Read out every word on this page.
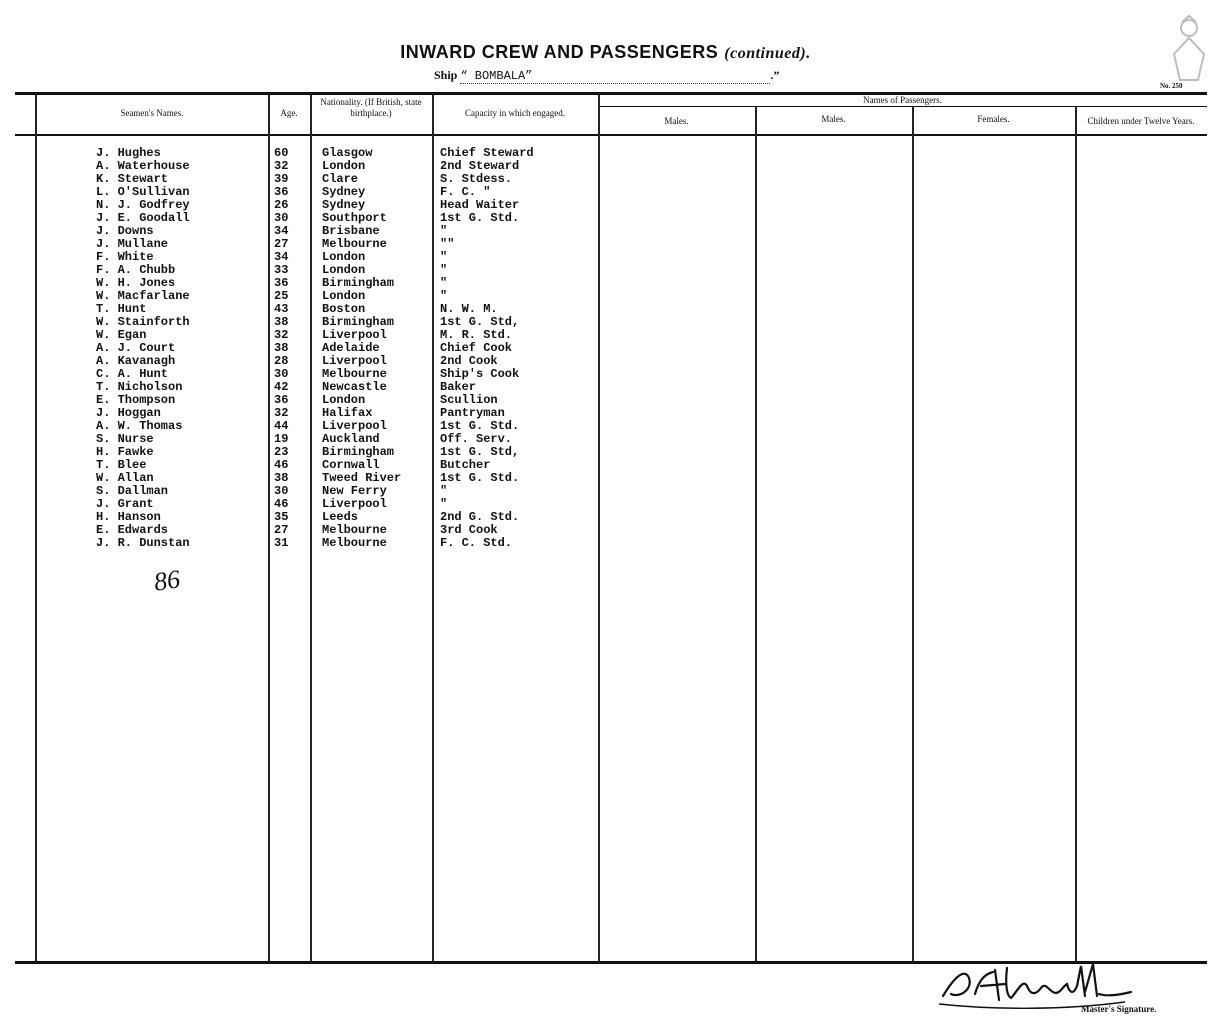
INWARD CREW AND PASSENGERS (continued).
Ship “ BOMBALA”	.”
No. 250
Seamen's Names.	Age.
Nationality. (If British, state birthplace.)	Capacity in which engaged.
Names of Passengers.
Males.	Males.	Females.	Children under Twelve Years.
J. Hughes	60	Glasgow	Chief Steward
A. Waterhouse	32	London	2nd Steward
K. Stewart	39	Clare	S. Stdess.
L. O'Sullivan	36	Sydney	F. C. "
N. J. Godfrey	26	Sydney	Head Waiter
J. E. Goodall	30	Southport	1st G. Std.
J. Downs	34	Brisbane	"
J. Mullane	27	Melbourne	""
F. White	34	London	"
F. A. Chubb	33	London	"
W. H. Jones	36	Birmingham	"
W. Macfarlane	25	London	"
T. Hunt	43	Boston	N. W. M.
W. Stainforth	38	Birmingham	1st G. Std,
W. Egan	32	Liverpool	M. R. Std.
A. J. Court	38	Adelaide	Chief Cook
A. Kavanagh	28	Liverpool	2nd Cook
C. A. Hunt	30	Melbourne	Ship's Cook
T. Nicholson	42	Newcastle	Baker
E. Thompson	36	London	Scullion
J. Hoggan	32	Halifax	Pantryman
A. W. Thomas	44	Liverpool	1st G. Std.
S. Nurse	19	Auckland	Off. Serv.
H. Fawke	23	Birmingham	1st G. Std,
T. Blee	46	Cornwall	Butcher
W. Allan	38	Tweed River	1st G. Std.
S. Dallman	30	New Ferry	"
J. Grant	46	Liverpool	"
H. Hanson	35	Leeds	2nd G. Std.
E. Edwards	27	Melbourne	3rd Cook
J. R. Dunstan	31	Melbourne	F. C. Std.
86
Master's Signature.
